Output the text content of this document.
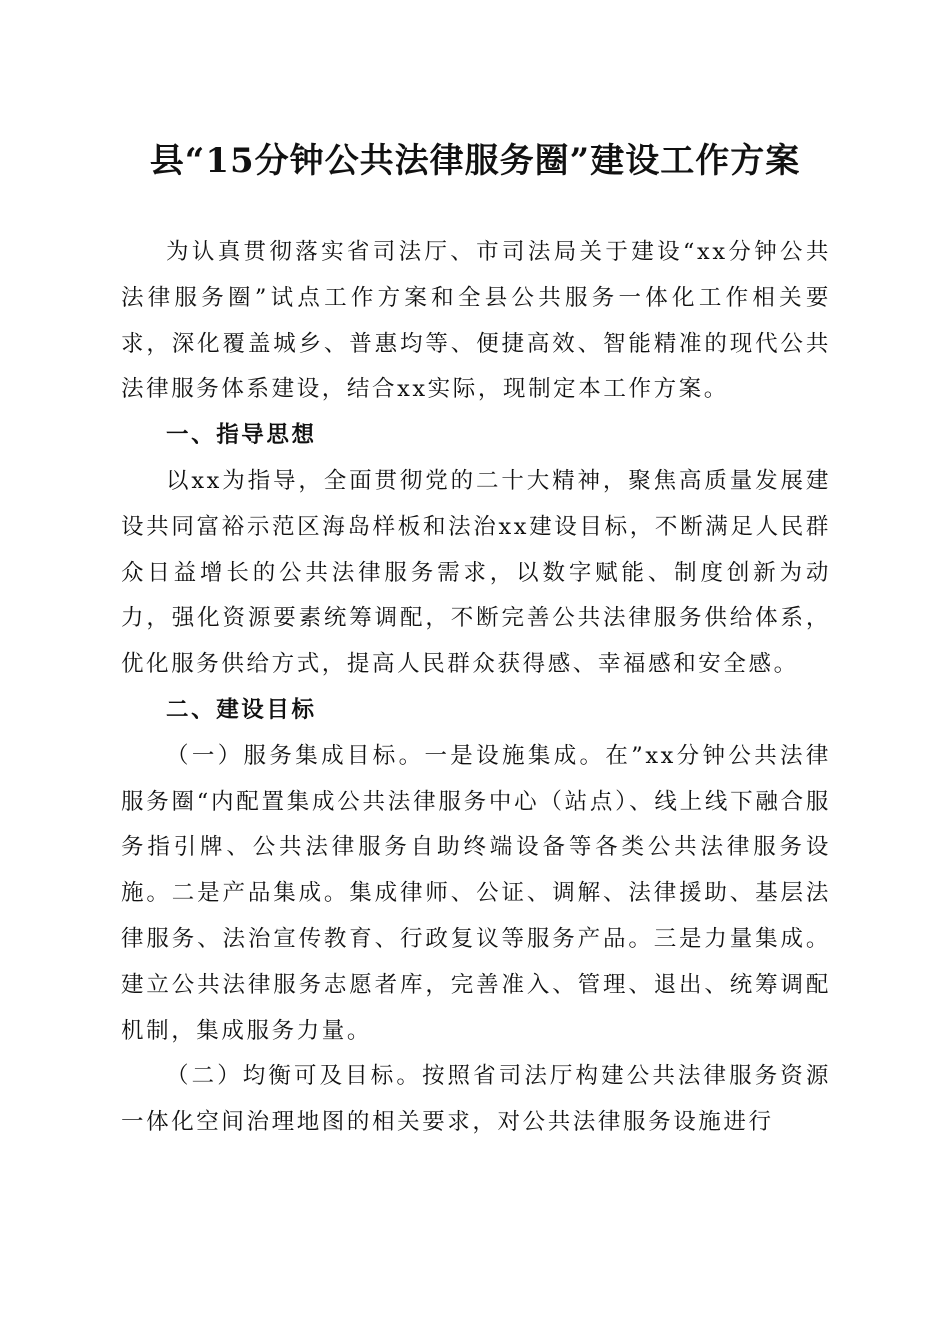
县“15分钟公共法律服务圈”建设工作方案

为认真贯彻落实省司法厅、市司法局关于建设“xx分钟公共法律服务圈”试点工作方案和全县公共服务一体化工作相关要求，深化覆盖城乡、普惠均等、便捷高效、智能精准的现代公共法律服务体系建设，结合xx实际，现制定本工作方案。

一、指导思想

以xx为指导，全面贯彻党的二十大精神，聚焦高质量发展建设共同富裕示范区海岛样板和法治xx建设目标，不断满足人民群众日益增长的公共法律服务需求，以数字赋能、制度创新为动力，强化资源要素统筹调配，不断完善公共法律服务供给体系，优化服务供给方式，提高人民群众获得感、幸福感和安全感。

二、建设目标

（一）服务集成目标。一是设施集成。在”xx分钟公共法律服务圈“内配置集成公共法律服务中心（站点）、线上线下融合服务指引牌、公共法律服务自助终端设备等各类公共法律服务设施。二是产品集成。集成律师、公证、调解、法律援助、基层法律服务、法治宣传教育、行政复议等服务产品。三是力量集成。建立公共法律服务志愿者库，完善准入、管理、退出、统筹调配机制，集成服务力量。

（二）均衡可及目标。按照省司法厅构建公共法律服务资源一体化空间治理地图的相关要求，对公共法律服务设施进行
